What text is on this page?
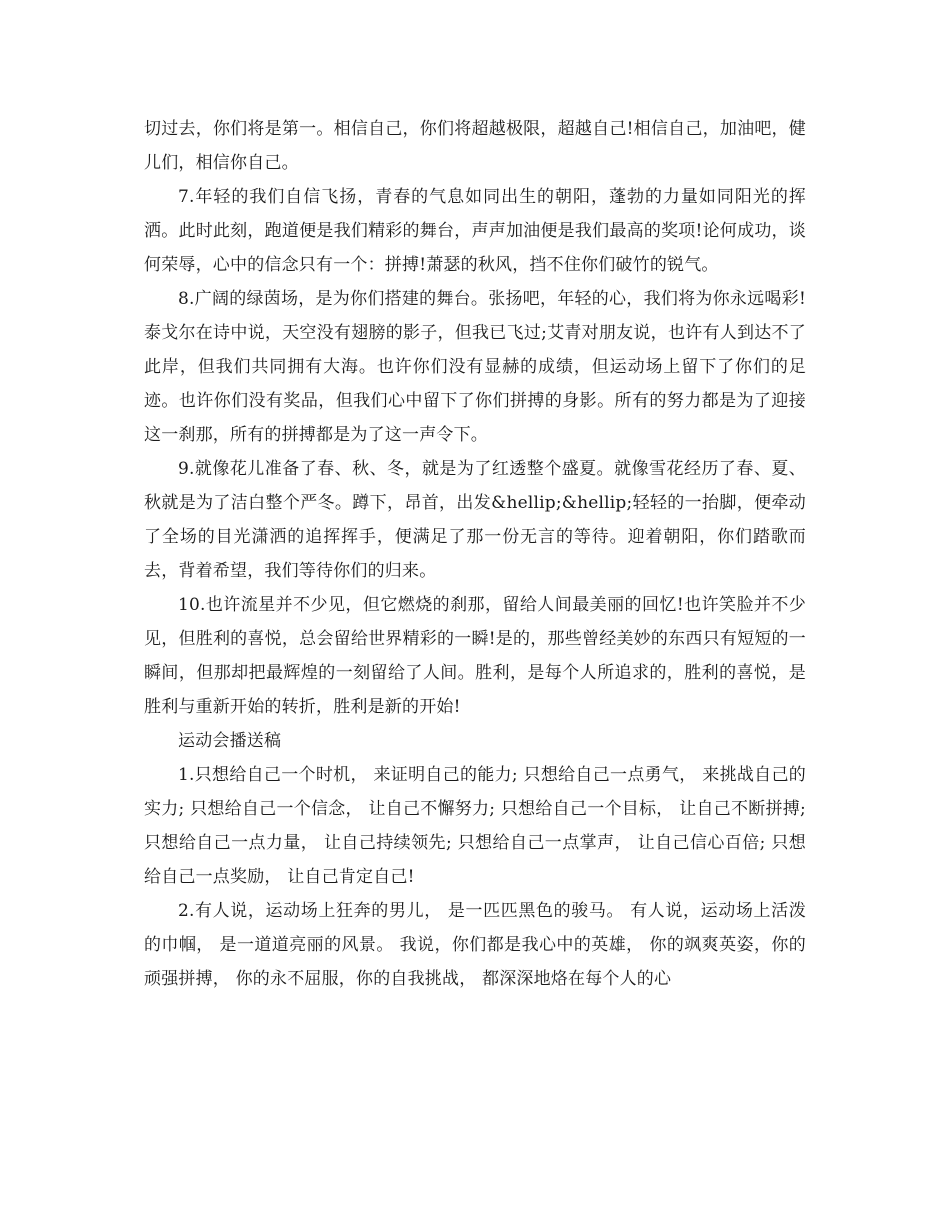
切过去，你们将是第一。相信自己，你们将超越极限，超越自己!相信自己，加油吧，健儿们，相信你自己。

7.年轻的我们自信飞扬，青春的气息如同出生的朝阳，蓬勃的力量如同阳光的挥洒。此时此刻，跑道便是我们精彩的舞台，声声加油便是我们最高的奖项!论何成功，谈何荣辱，心中的信念只有一个：拼搏!萧瑟的秋风，挡不住你们破竹的锐气。

8.广阔的绿茵场，是为你们搭建的舞台。张扬吧，年轻的心，我们将为你永远喝彩!泰戈尔在诗中说，天空没有翅膀的影子，但我已飞过;艾青对朋友说，也许有人到达不了此岸，但我们共同拥有大海。也许你们没有显赫的成绩，但运动场上留下了你们的足迹。也许你们没有奖品，但我们心中留下了你们拼搏的身影。所有的努力都是为了迎接这一刹那，所有的拼搏都是为了这一声令下。

9.就像花儿准备了春、秋、冬，就是为了红透整个盛夏。就像雪花经历了春、夏、秋就是为了洁白整个严冬。蹲下，昂首，出发&hellip;&hellip;轻轻的一抬脚，便牵动了全场的目光潇洒的追挥挥手，便满足了那一份无言的等待。迎着朝阳，你们踏歌而去，背着希望，我们等待你们的归来。

10.也许流星并不少见，但它燃烧的刹那，留给人间最美丽的回忆!也许笑脸并不少见，但胜利的喜悦，总会留给世界精彩的一瞬!是的，那些曾经美妙的东西只有短短的一瞬间，但那却把最辉煌的一刻留给了人间。胜利，是每个人所追求的，胜利的喜悦，是胜利与重新开始的转折，胜利是新的开始!

运动会播送稿

1.只想给自己一个时机， 来证明自己的能力; 只想给自己一点勇气， 来挑战自己的实力; 只想给自己一个信念， 让自己不懈努力; 只想给自己一个目标， 让自己不断拼搏; 只想给自己一点力量， 让自己持续领先; 只想给自己一点掌声， 让自己信心百倍; 只想给自己一点奖励， 让自己肯定自己!

2.有人说，运动场上狂奔的男儿， 是一匹匹黑色的骏马。 有人说，运动场上活泼的巾帼， 是一道道亮丽的风景。 我说，你们都是我心中的英雄， 你的飒爽英姿，你的顽强拼搏， 你的永不屈服，你的自我挑战， 都深深地烙在每个人的心
